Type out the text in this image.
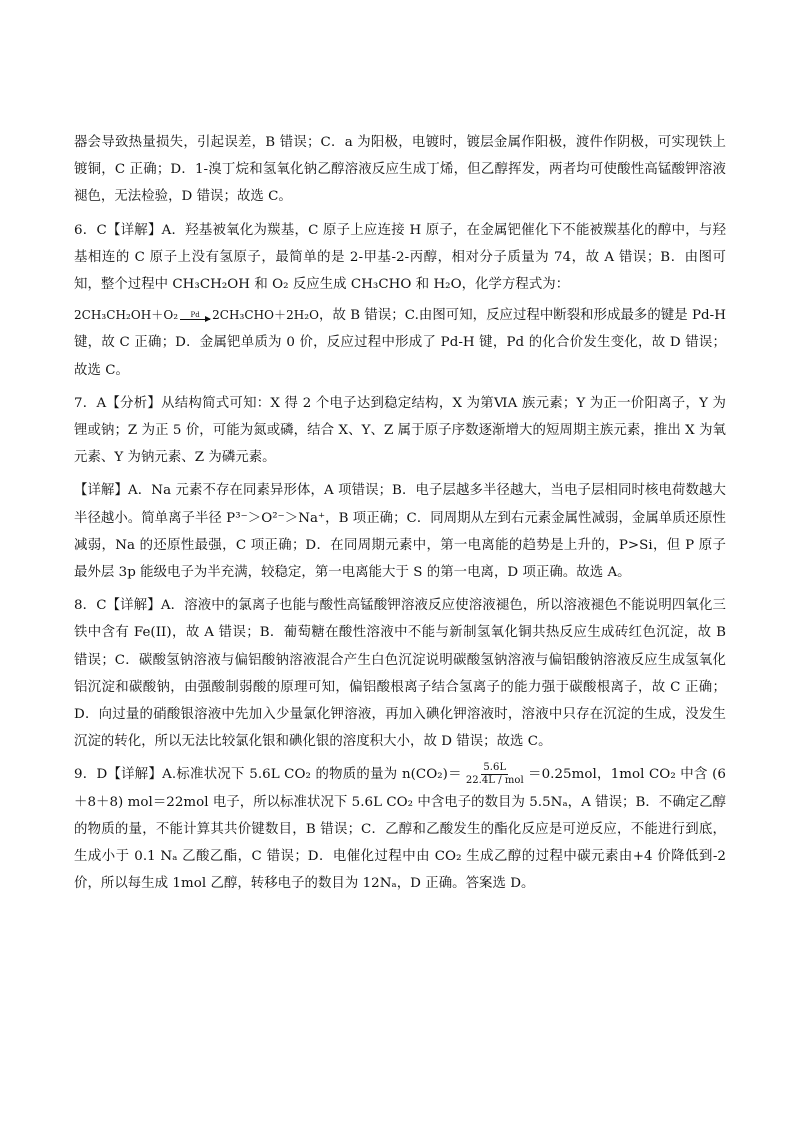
器会导致热量损失，引起误差，B 错误；C．a 为阳极，电镀时，镀层金属作阳极，渡件作阴极，可实现铁上镀铜，C 正确；D．1-溴丁烷和氢氧化钠乙醇溶液反应生成丁烯，但乙醇挥发，两者均可使酸性高锰酸钾溶液褪色，无法检验，D 错误；故选 C。

6．C【详解】A．羟基被氧化为羰基，C 原子上应连接 H 原子，在金属钯催化下不能被羰基化的醇中，与羟基相连的 C 原子上没有氢原子，最简单的是 2-甲基-2-丙醇，相对分子质量为 74，故 A 错误；B．由图可知，整个过程中 CH₃CH₂OH 和 O₂ 反应生成 CH₃CHO 和 H₂O，化学方程式为：

2CH₃CH₂OH＋O₂ Pd 2CH₃CHO＋2H₂O，故 B 错误；C.由图可知，反应过程中断裂和形成最多的键是 Pd-H

键，故 C 正确；D．金属钯单质为 0 价，反应过程中形成了 Pd-H 键，Pd 的化合价发生变化，故 D 错误；故选 C。

7．A【分析】从结构简式可知：X 得 2 个电子达到稳定结构，X 为第ⅥA 族元素；Y 为正一价阳离子，Y 为锂或钠；Z 为正 5 价，可能为氮或磷，结合 X、Y、Z 属于原子序数逐渐增大的短周期主族元素，推出 X 为氧元素、Y 为钠元素、Z 为磷元素。

【详解】A．Na 元素不存在同素异形体，A 项错误；B．电子层越多半径越大，当电子层相同时核电荷数越大半径越小。简单离子半径 P³⁻＞O²⁻＞Na⁺，B 项正确；C．同周期从左到右元素金属性减弱，金属单质还原性减弱，Na 的还原性最强，C 项正确；D．在同周期元素中，第一电离能的趋势是上升的，P>Si，但 P 原子最外层 3p 能级电子为半充满，较稳定，第一电离能大于 S 的第一电离，D 项正确。故选 A。

8．C【详解】A．溶液中的氯离子也能与酸性高锰酸钾溶液反应使溶液褪色，所以溶液褪色不能说明四氧化三铁中含有 Fe(II)，故 A 错误；B．葡萄糖在酸性溶液中不能与新制氢氧化铜共热反应生成砖红色沉淀，故 B 错误；C．碳酸氢钠溶液与偏铝酸钠溶液混合产生白色沉淀说明碳酸氢钠溶液与偏铝酸钠溶液反应生成氢氧化铝沉淀和碳酸钠，由强酸制弱酸的原理可知，偏铝酸根离子结合氢离子的能力强于碳酸根离子，故 C 正确；D．向过量的硝酸银溶液中先加入少量氯化钾溶液，再加入碘化钾溶液时，溶液中只存在沉淀的生成，没发生沉淀的转化，所以无法比较氯化银和碘化银的溶度积大小，故 D 错误；故选 C。

9．D【详解】A.标准状况下 5.6L CO₂ 的物质的量为 $n(CO_2)= \frac{5.6L}{\text{22.4L / mol}} =0.25mol$，1mol CO₂ 中含 (6＋8＋8) mol＝22mol 电子，所以标准状况下 5.6L CO₂ 中含电子的数目为 5.5Nₐ，A 错误；B．不确定乙醇的物质的量，不能计算其共价键数目，B 错误；C．乙醇和乙酸发生的酯化反应是可逆反应，不能进行到底，生成小于 0.1 Nₐ 乙酸乙酯，C 错误；D．电催化过程中由 CO₂ 生成乙醇的过程中碳元素由+4 价降低到-2 价，所以每生成 1mol 乙醇，转移电子的数目为 12Nₐ，D 正确。答案选 D。
